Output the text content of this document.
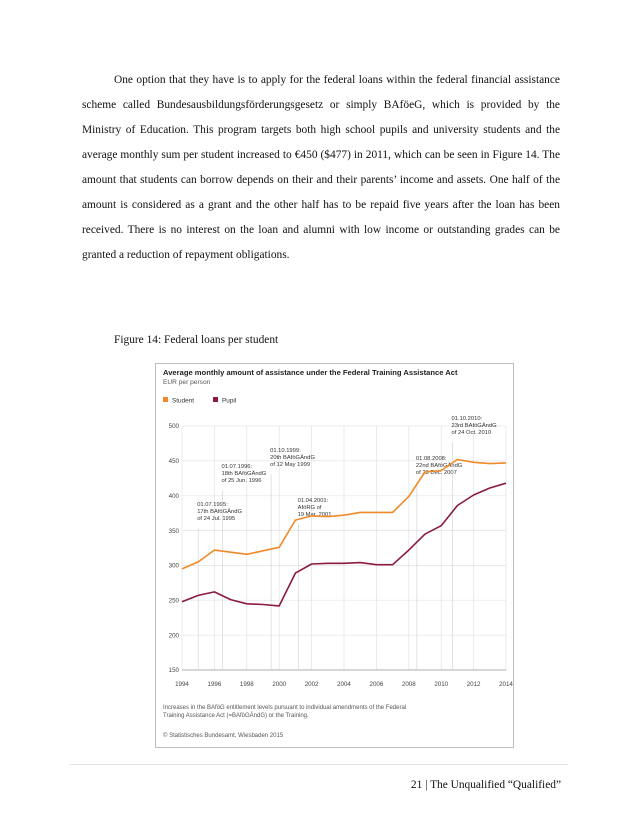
One option that they have is to apply for the federal loans within the federal financial assistance scheme called Bundesausbildungsförderungsgesetz or simply BAföeG, which is provided by the Ministry of Education. This program targets both high school pupils and university students and the average monthly sum per student increased to €450 ($477) in 2011, which can be seen in Figure 14. The amount that students can borrow depends on their and their parents’ income and assets. One half of the amount is considered as a grant and the other half has to be repaid five years after the loan has been received. There is no interest on the loan and alumni with low income or outstanding grades can be granted a reduction of repayment obligations.
Figure 14: Federal loans per student
Average monthly amount of assistance under the Federal Training Assistance Act
EUR per person
Student	Pupil
150
200
250
300
350
400
450
500
1994	1996	1998	2000	2002	2004	2006	2008	2010	2012	2014
01.07.1995:
17th BAföGÄndG
of 24 Jul. 1995
01.07.1996:
18th BAföGÄndG
of 25 Jun. 1996
01.10.1999:
20th BAföGÄndG
of 12 May 1999
01.04.2001:
AföRG of
19 Mar. 2001
01.08.2008:
22nd BAföGÄndG
of 23 Dec. 2007
01.10.2010:
23rd BAföGÄndG
of 24 Oct. 2010
Increases in the BAföG entitlement levels pursuant to individual amendments of the Federal
Training Assistance Act (=BAföGÄndG) or the Training.
© Statistisches Bundesamt, Wiesbaden 2015
21 | The Unqualified “Qualified”
